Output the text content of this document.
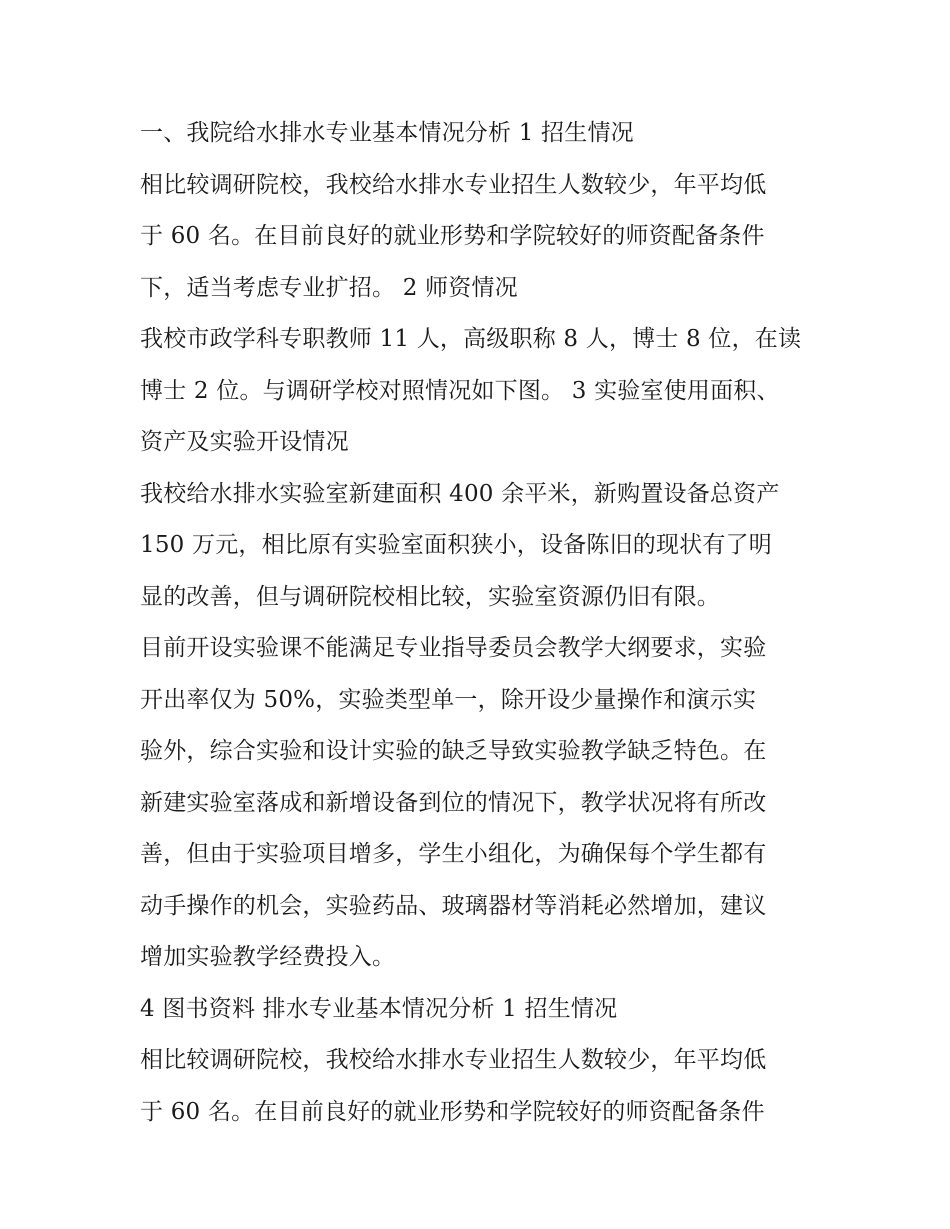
一、我院给水排水专业基本情况分析 1 招生情况
相比较调研院校，我校给水排水专业招生人数较少，年平均低
于 60 名。在目前良好的就业形势和学院较好的师资配备条件
下，适当考虑专业扩招。 2 师资情况
我校市政学科专职教师 11 人，高级职称 8 人，博士 8 位，在读
博士 2 位。与调研学校对照情况如下图。 3 实验室使用面积、
资产及实验开设情况
我校给水排水实验室新建面积 400 余平米，新购置设备总资产
150 万元，相比原有实验室面积狭小，设备陈旧的现状有了明
显的改善，但与调研院校相比较，实验室资源仍旧有限。
目前开设实验课不能满足专业指导委员会教学大纲要求，实验
开出率仅为 50%，实验类型单一，除开设少量操作和演示实
验外，综合实验和设计实验的缺乏导致实验教学缺乏特色。在
新建实验室落成和新增设备到位的情况下，教学状况将有所改
善，但由于实验项目增多，学生小组化，为确保每个学生都有
动手操作的机会，实验药品、玻璃器材等消耗必然增加，建议
增加实验教学经费投入。
4 图书资料 排水专业基本情况分析 1 招生情况
相比较调研院校，我校给水排水专业招生人数较少，年平均低
于 60 名。在目前良好的就业形势和学院较好的师资配备条件
